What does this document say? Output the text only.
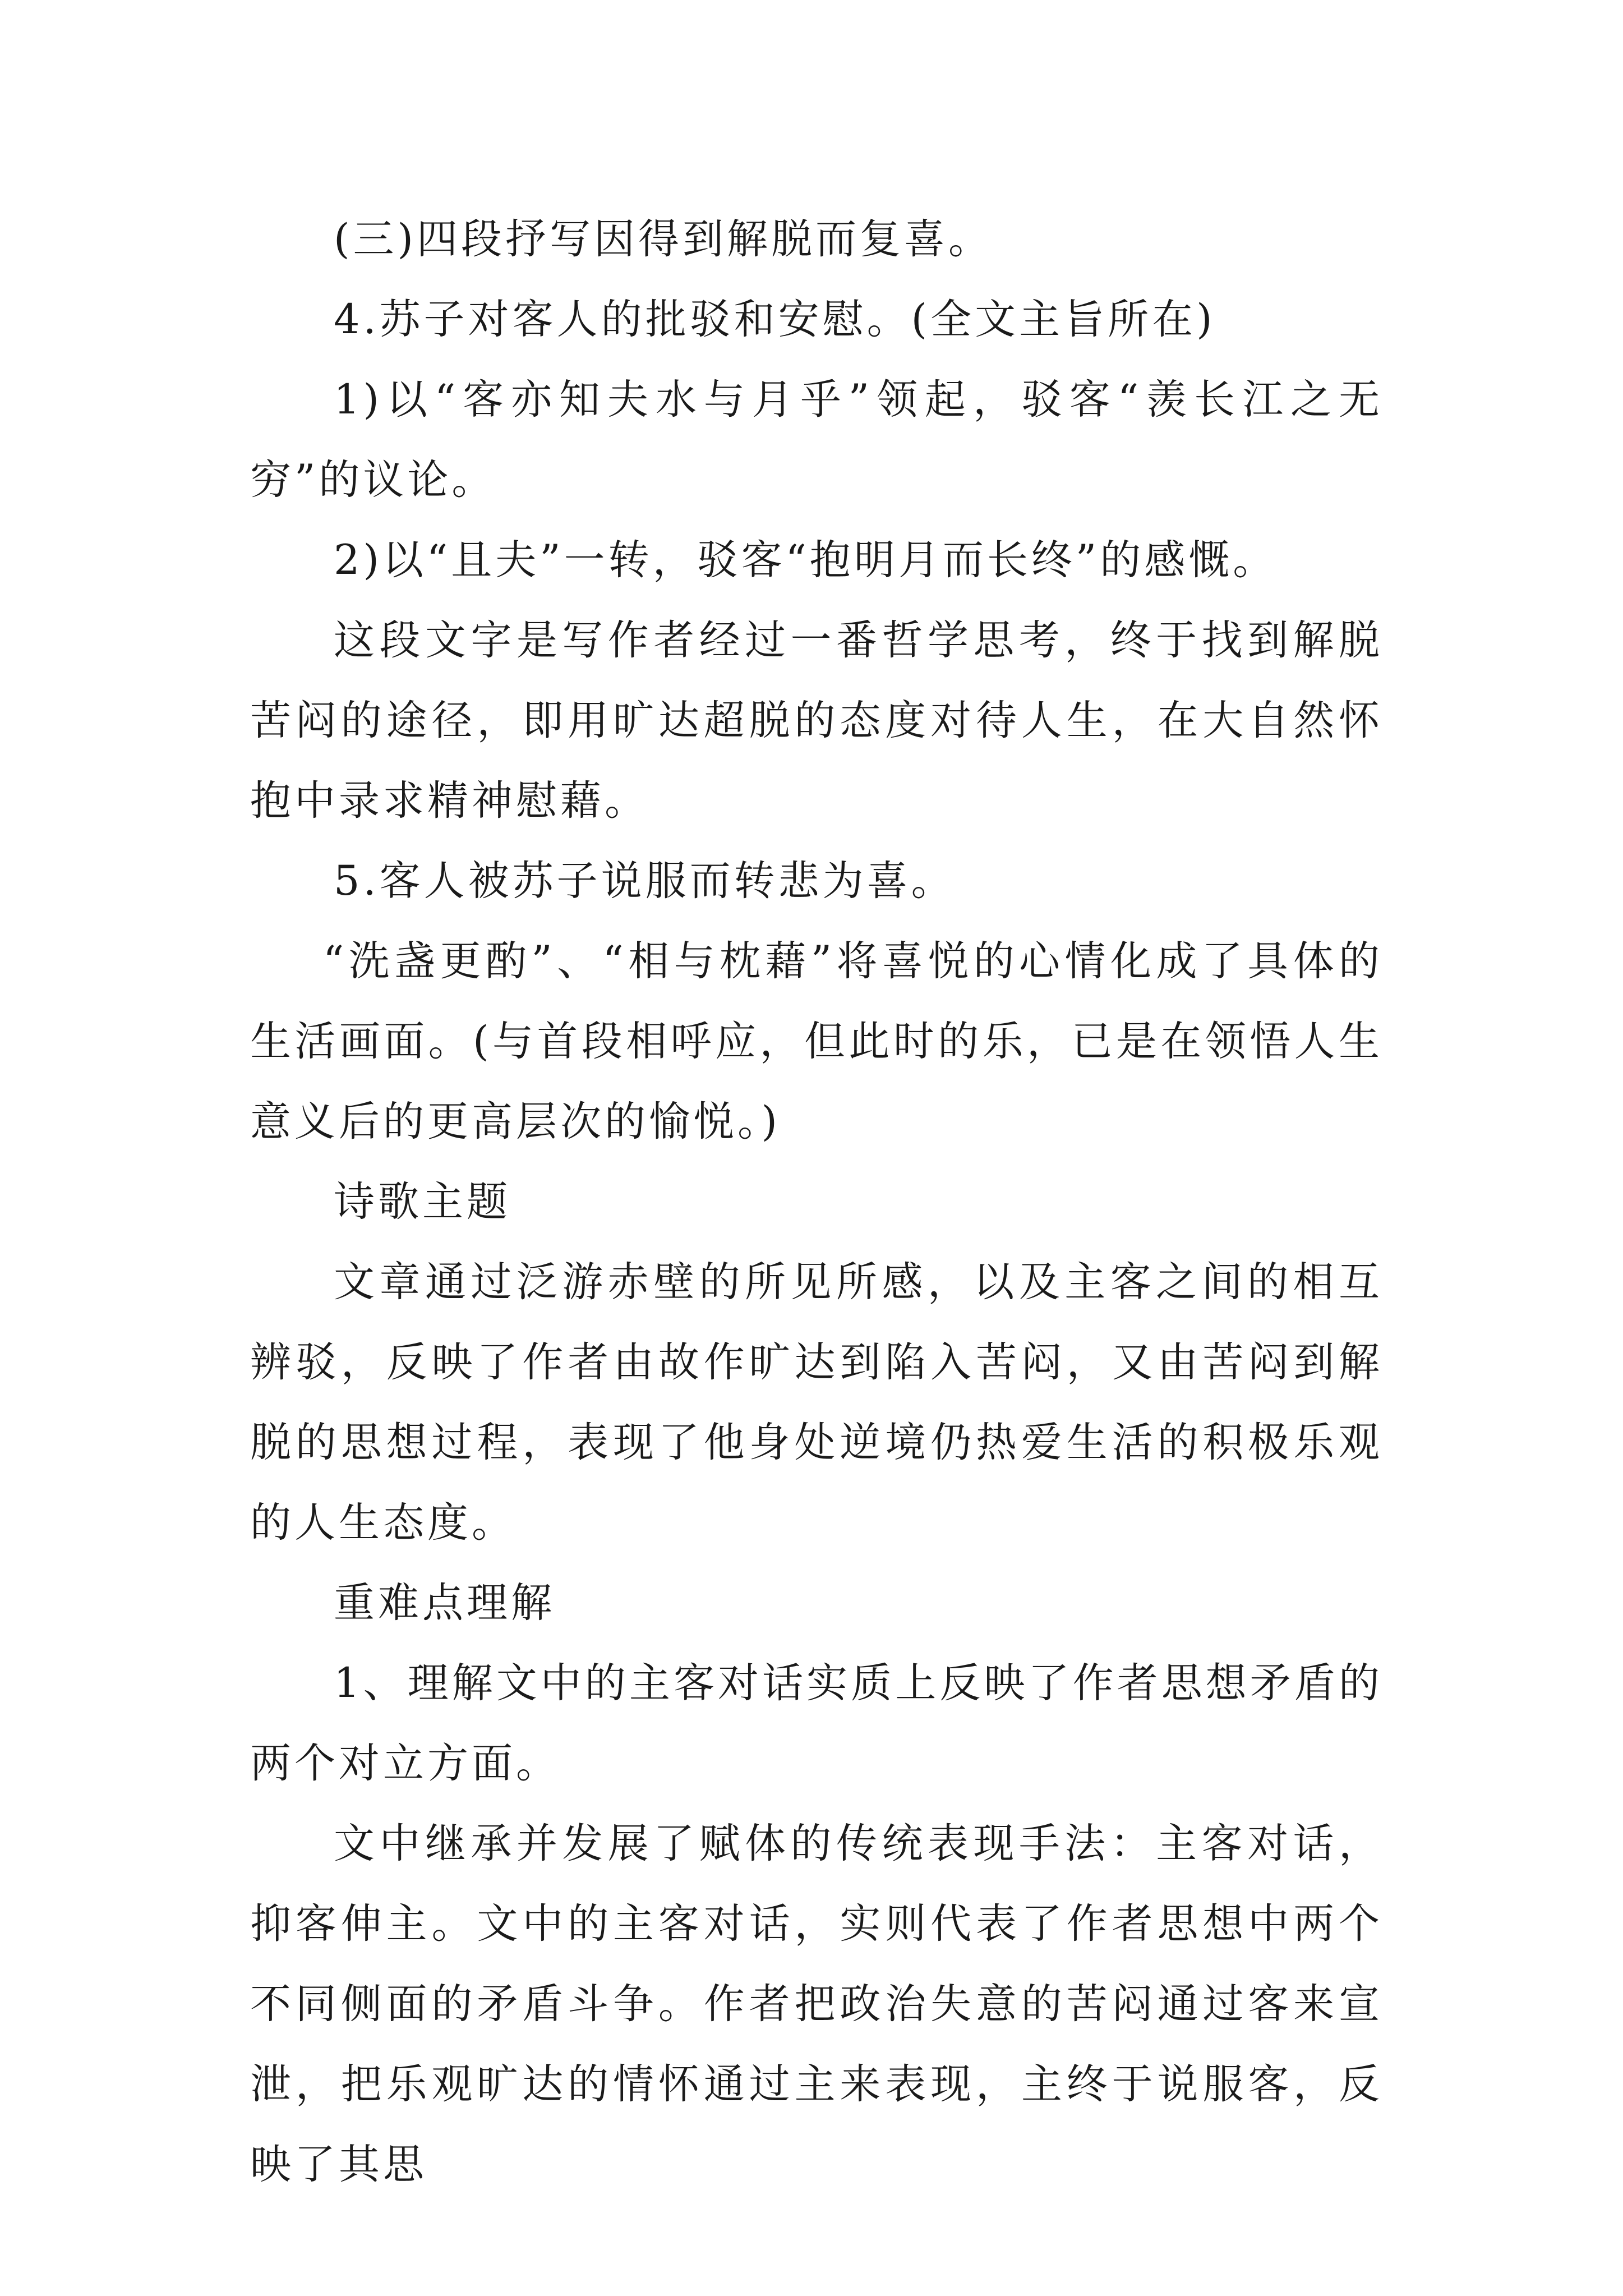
(三)四段抒写因得到解脱而复喜。

4.苏子对客人的批驳和安慰。(全文主旨所在)

1)以“客亦知夫水与月乎”领起，驳客“羡长江之无穷”的议论。

2)以“且夫”一转，驳客“抱明月而长终”的感慨。

这段文字是写作者经过一番哲学思考，终于找到解脱苦闷的途径，即用旷达超脱的态度对待人生，在大自然怀抱中录求精神慰藉。

5.客人被苏子说服而转悲为喜。

“洗盏更酌”、“相与枕藉”将喜悦的心情化成了具体的生活画面。(与首段相呼应，但此时的乐，已是在领悟人生意义后的更高层次的愉悦。)

诗歌主题

文章通过泛游赤壁的所见所感，以及主客之间的相互辨驳，反映了作者由故作旷达到陷入苦闷，又由苦闷到解脱的思想过程，表现了他身处逆境仍热爱生活的积极乐观的人生态度。

重难点理解

1、理解文中的主客对话实质上反映了作者思想矛盾的两个对立方面。

文中继承并发展了赋体的传统表现手法：主客对话，抑客伸主。文中的主客对话，实则代表了作者思想中两个不同侧面的矛盾斗争。作者把政治失意的苦闷通过客来宣泄，把乐观旷达的情怀通过主来表现，主终于说服客，反映了其思
